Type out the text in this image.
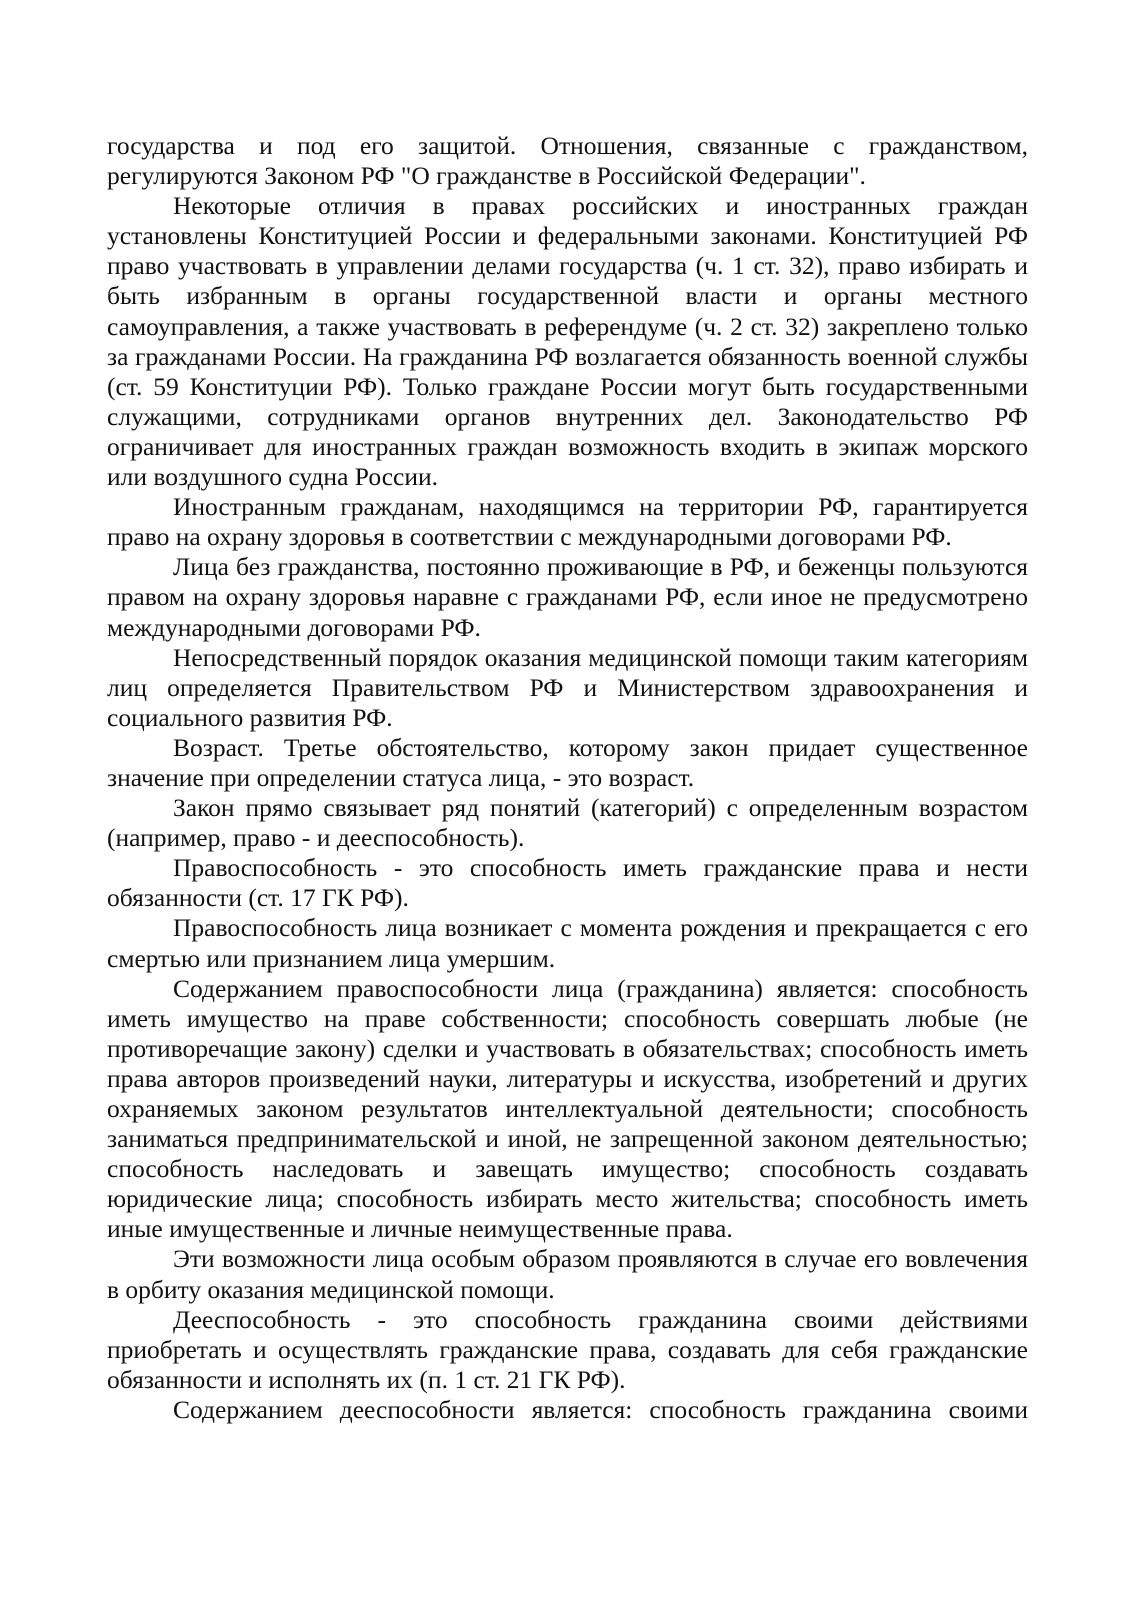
государства и под его защитой. Отношения, связанные с гражданством, регулируются Законом РФ "О гражданстве в Российской Федерации".

Некоторые отличия в правах российских и иностранных граждан установлены Конституцией России и федеральными законами. Конституцией РФ право участвовать в управлении делами государства (ч. 1 ст. 32), право избирать и быть избранным в органы государственной власти и органы местного самоуправления, а также участвовать в референдуме (ч. 2 ст. 32) закреплено только за гражданами России. На гражданина РФ возлагается обязанность военной службы (ст. 59 Конституции РФ). Только граждане России могут быть государственными служащими, сотрудниками органов внутренних дел. Законодательство РФ ограничивает для иностранных граждан возможность входить в экипаж морского или воздушного судна России.

Иностранным гражданам, находящимся на территории РФ, гарантируется право на охрану здоровья в соответствии с международными договорами РФ.

Лица без гражданства, постоянно проживающие в РФ, и беженцы пользуются правом на охрану здоровья наравне с гражданами РФ, если иное не предусмотрено международными договорами РФ.

Непосредственный порядок оказания медицинской помощи таким категориям лиц определяется Правительством РФ и Министерством здравоохранения и социального развития РФ.

Возраст. Третье обстоятельство, которому закон придает существенное значение при определении статуса лица, - это возраст.

Закон прямо связывает ряд понятий (категорий) с определенным возрастом (например, право - и дееспособность).

Правоспособность - это способность иметь гражданские права и нести обязанности (ст. 17 ГК РФ).

Правоспособность лица возникает с момента рождения и прекращается с его смертью или признанием лица умершим.

Содержанием правоспособности лица (гражданина) является: способность иметь имущество на праве собственности; способность совершать любые (не противоречащие закону) сделки и участвовать в обязательствах; способность иметь права авторов произведений науки, литературы и искусства, изобретений и других охраняемых законом результатов интеллектуальной деятельности; способность заниматься предпринимательской и иной, не запрещенной законом деятельностью; способность наследовать и завещать имущество; способность создавать юридические лица; способность избирать место жительства; способность иметь иные имущественные и личные неимущественные права.

Эти возможности лица особым образом проявляются в случае его вовлечения в орбиту оказания медицинской помощи.

Дееспособность - это способность гражданина своими действиями приобретать и осуществлять гражданские права, создавать для себя гражданские обязанности и исполнять их (п. 1 ст. 21 ГК РФ).

Содержанием дееспособности является: способность гражданина своими
